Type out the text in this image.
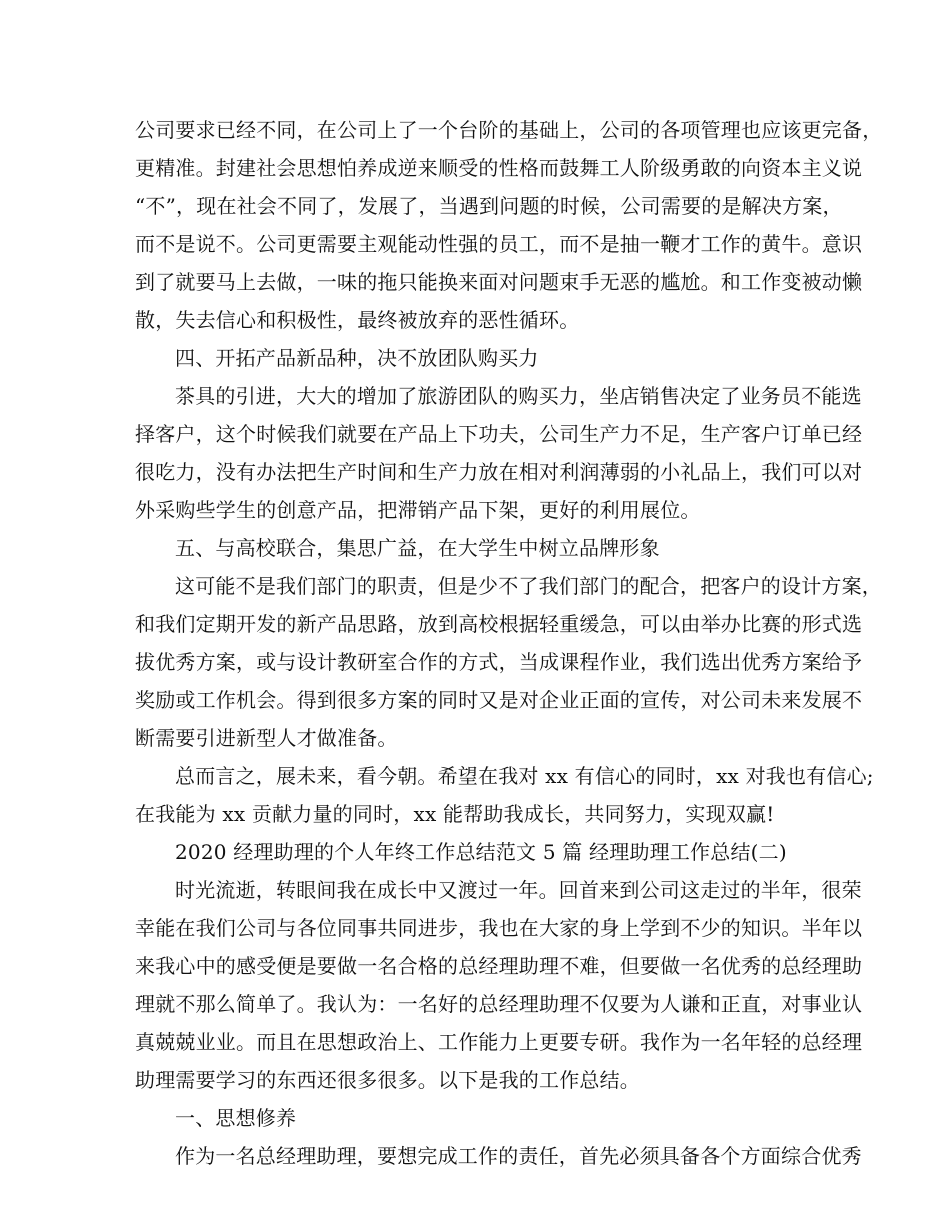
公司要求已经不同，在公司上了一个台阶的基础上，公司的各项管理也应该更完备，
更精准。封建社会思想怕养成逆来顺受的性格而鼓舞工人阶级勇敢的向资本主义说
“不”，现在社会不同了，发展了，当遇到问题的时候，公司需要的是解决方案，
而不是说不。公司更需要主观能动性强的员工，而不是抽一鞭才工作的黄牛。意识
到了就要马上去做，一味的拖只能换来面对问题束手无恶的尴尬。和工作变被动懒
散，失去信心和积极性，最终被放弃的恶性循环。
四、开拓产品新品种，决不放团队购买力
茶具的引进，大大的增加了旅游团队的购买力，坐店销售决定了业务员不能选
择客户，这个时候我们就要在产品上下功夫，公司生产力不足，生产客户订单已经
很吃力，没有办法把生产时间和生产力放在相对利润薄弱的小礼品上，我们可以对
外采购些学生的创意产品，把滞销产品下架，更好的利用展位。
五、与高校联合，集思广益，在大学生中树立品牌形象
这可能不是我们部门的职责，但是少不了我们部门的配合，把客户的设计方案，
和我们定期开发的新产品思路，放到高校根据轻重缓急，可以由举办比赛的形式选
拔优秀方案，或与设计教研室合作的方式，当成课程作业，我们选出优秀方案给予
奖励或工作机会。得到很多方案的同时又是对企业正面的宣传，对公司未来发展不
断需要引进新型人才做准备。
总而言之，展未来，看今朝。希望在我对 xx 有信心的同时，xx 对我也有信心;
在我能为 xx 贡献力量的同时，xx 能帮助我成长，共同努力，实现双赢!
2020 经理助理的个人年终工作总结范文 5 篇 经理助理工作总结(二)
时光流逝，转眼间我在成长中又渡过一年。回首来到公司这走过的半年，很荣
幸能在我们公司与各位同事共同进步，我也在大家的身上学到不少的知识。半年以
来我心中的感受便是要做一名合格的总经理助理不难，但要做一名优秀的总经理助
理就不那么简单了。我认为：一名好的总经理助理不仅要为人谦和正直，对事业认
真兢兢业业。而且在思想政治上、工作能力上更要专研。我作为一名年轻的总经理
助理需要学习的东西还很多很多。以下是我的工作总结。
一、思想修养
作为一名总经理助理，要想完成工作的责任，首先必须具备各个方面综合优秀
